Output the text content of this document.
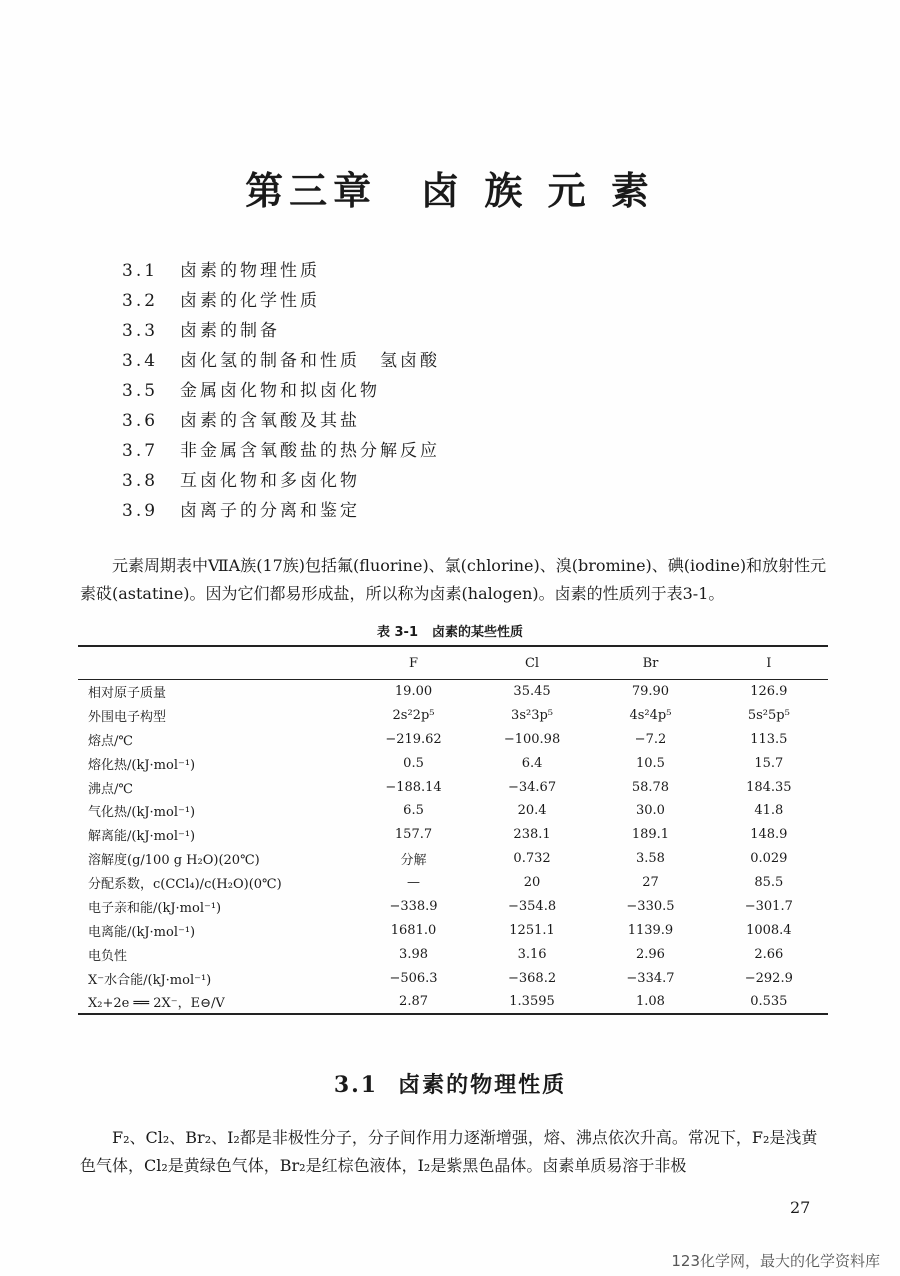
第三章　卤 族 元 素
3.1 卤素的物理性质
3.2 卤素的化学性质
3.3 卤素的制备
3.4 卤化氢的制备和性质　氢卤酸
3.5 金属卤化物和拟卤化物
3.6 卤素的含氧酸及其盐
3.7 非金属含氧酸盐的热分解反应
3.8 互卤化物和多卤化物
3.9 卤离子的分离和鉴定

元素周期表中ⅦA族(17族)包括氟(fluorine)、氯(chlorine)、溴(bromine)、碘(iodine)和放射性元素砹(astatine)。因为它们都易形成盐，所以称为卤素(halogen)。卤素的性质列于表3-1。

表 3-1 卤素的某些性质
	F	Cl	Br	I
相对原子质量	19.00	35.45	79.90	126.9
外围电子构型	2s²2p⁵	3s²3p⁵	4s²4p⁵	5s²5p⁵
熔点/℃	−219.62	−100.98	−7.2	113.5
熔化热/(kJ·mol⁻¹)	0.5	6.4	10.5	15.7
沸点/℃	−188.14	−34.67	58.78	184.35
气化热/(kJ·mol⁻¹)	6.5	20.4	30.0	41.8
解离能/(kJ·mol⁻¹)	157.7	238.1	189.1	148.9
溶解度(g/100 g H₂O)(20℃)	分解	0.732	3.58	0.029
分配系数，c(CCl₄)/c(H₂O)(0℃)	—	20	27	85.5
电子亲和能/(kJ·mol⁻¹)	−338.9	−354.8	−330.5	−301.7
电离能/(kJ·mol⁻¹)	1681.0	1251.1	1139.9	1008.4
电负性	3.98	3.16	2.96	2.66
X⁻水合能/(kJ·mol⁻¹)	−506.3	−368.2	−334.7	−292.9
X₂+2e ══ 2X⁻，E⊖/V	2.87	1.3595	1.08	0.535
3.1 卤素的物理性质

F₂、Cl₂、Br₂、I₂都是非极性分子，分子间作用力逐渐增强，熔、沸点依次升高。常况下，F₂是浅黄色气体，Cl₂是黄绿色气体，Br₂是红棕色液体，I₂是紫黑色晶体。卤素单质易溶于非极

27
123化学网，最大的化学资料库
